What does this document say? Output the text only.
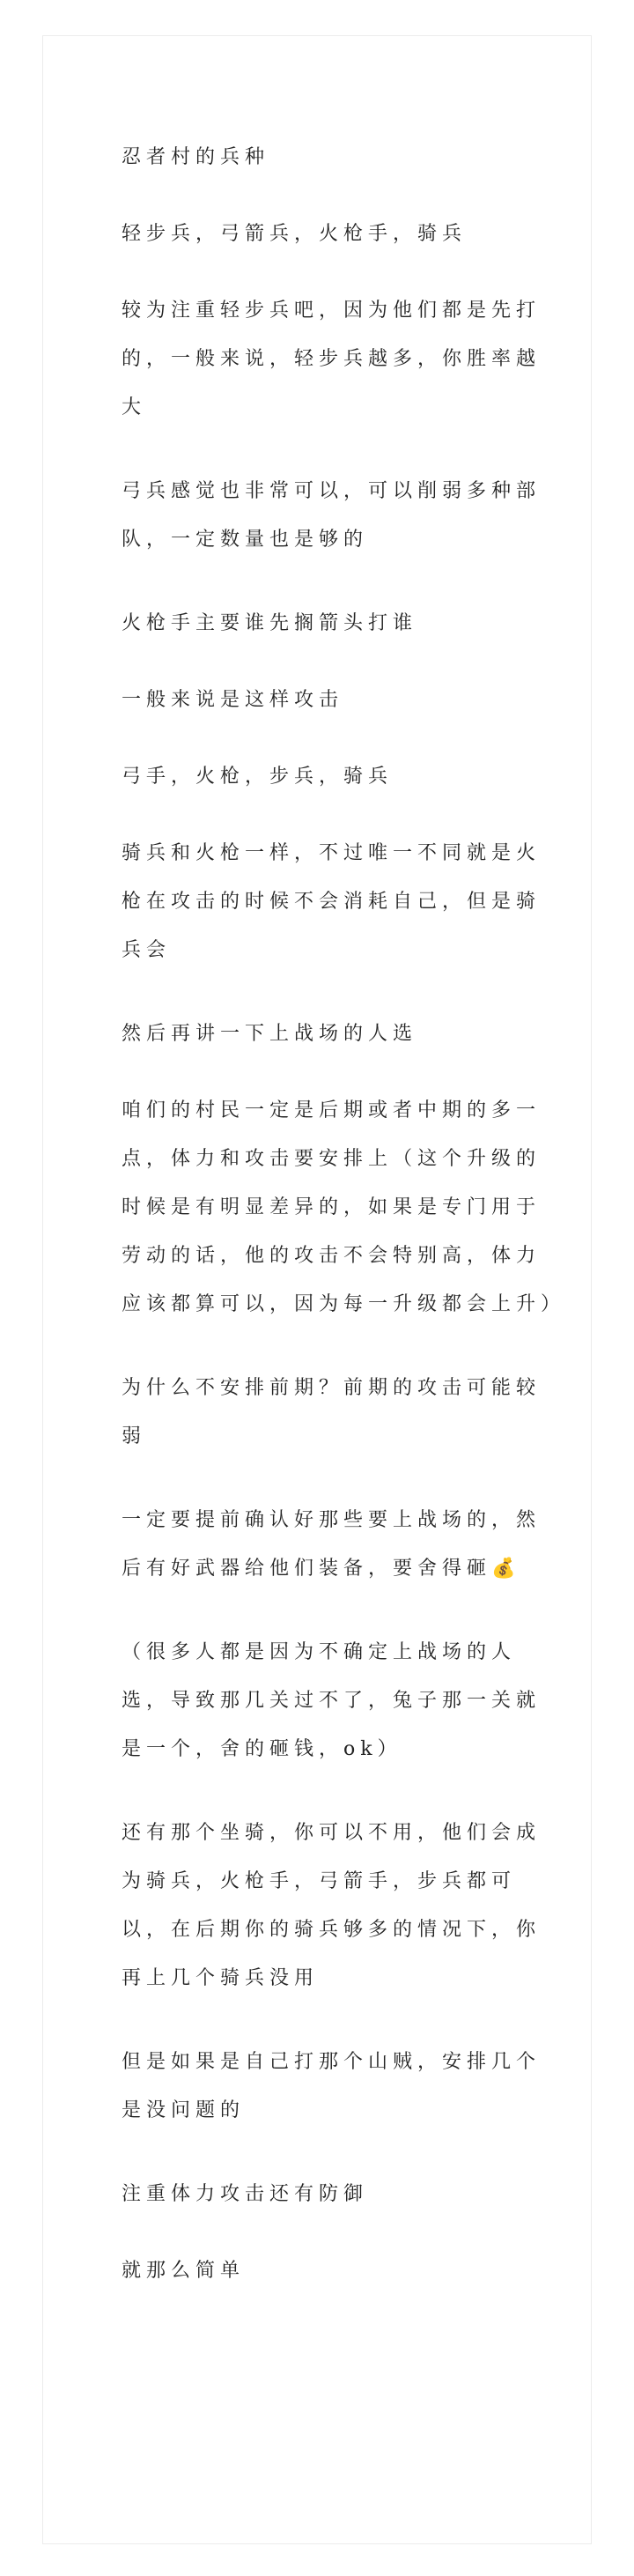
忍者村的兵种

轻步兵，弓箭兵，火枪手，骑兵

较为注重轻步兵吧，因为他们都是先打的，一般来说，轻步兵越多，你胜率越大

弓兵感觉也非常可以，可以削弱多种部队，一定数量也是够的

火枪手主要谁先搁箭头打谁

一般来说是这样攻击

弓手，火枪，步兵，骑兵

骑兵和火枪一样，不过唯一不同就是火枪在攻击的时候不会消耗自己，但是骑兵会

然后再讲一下上战场的人选

咱们的村民一定是后期或者中期的多一点，体力和攻击要安排上（这个升级的时候是有明显差异的，如果是专门用于劳动的话，他的攻击不会特别高，体力应该都算可以，因为每一升级都会上升）

为什么不安排前期？前期的攻击可能较弱

一定要提前确认好那些要上战场的，然后有好武器给他们装备，要舍得砸💰

（很多人都是因为不确定上战场的人选，导致那几关过不了，兔子那一关就是一个，舍的砸钱，ok）

还有那个坐骑，你可以不用，他们会成为骑兵，火枪手，弓箭手，步兵都可以，在后期你的骑兵够多的情况下，你再上几个骑兵没用

但是如果是自己打那个山贼，安排几个是没问题的

注重体力攻击还有防御

就那么简单
